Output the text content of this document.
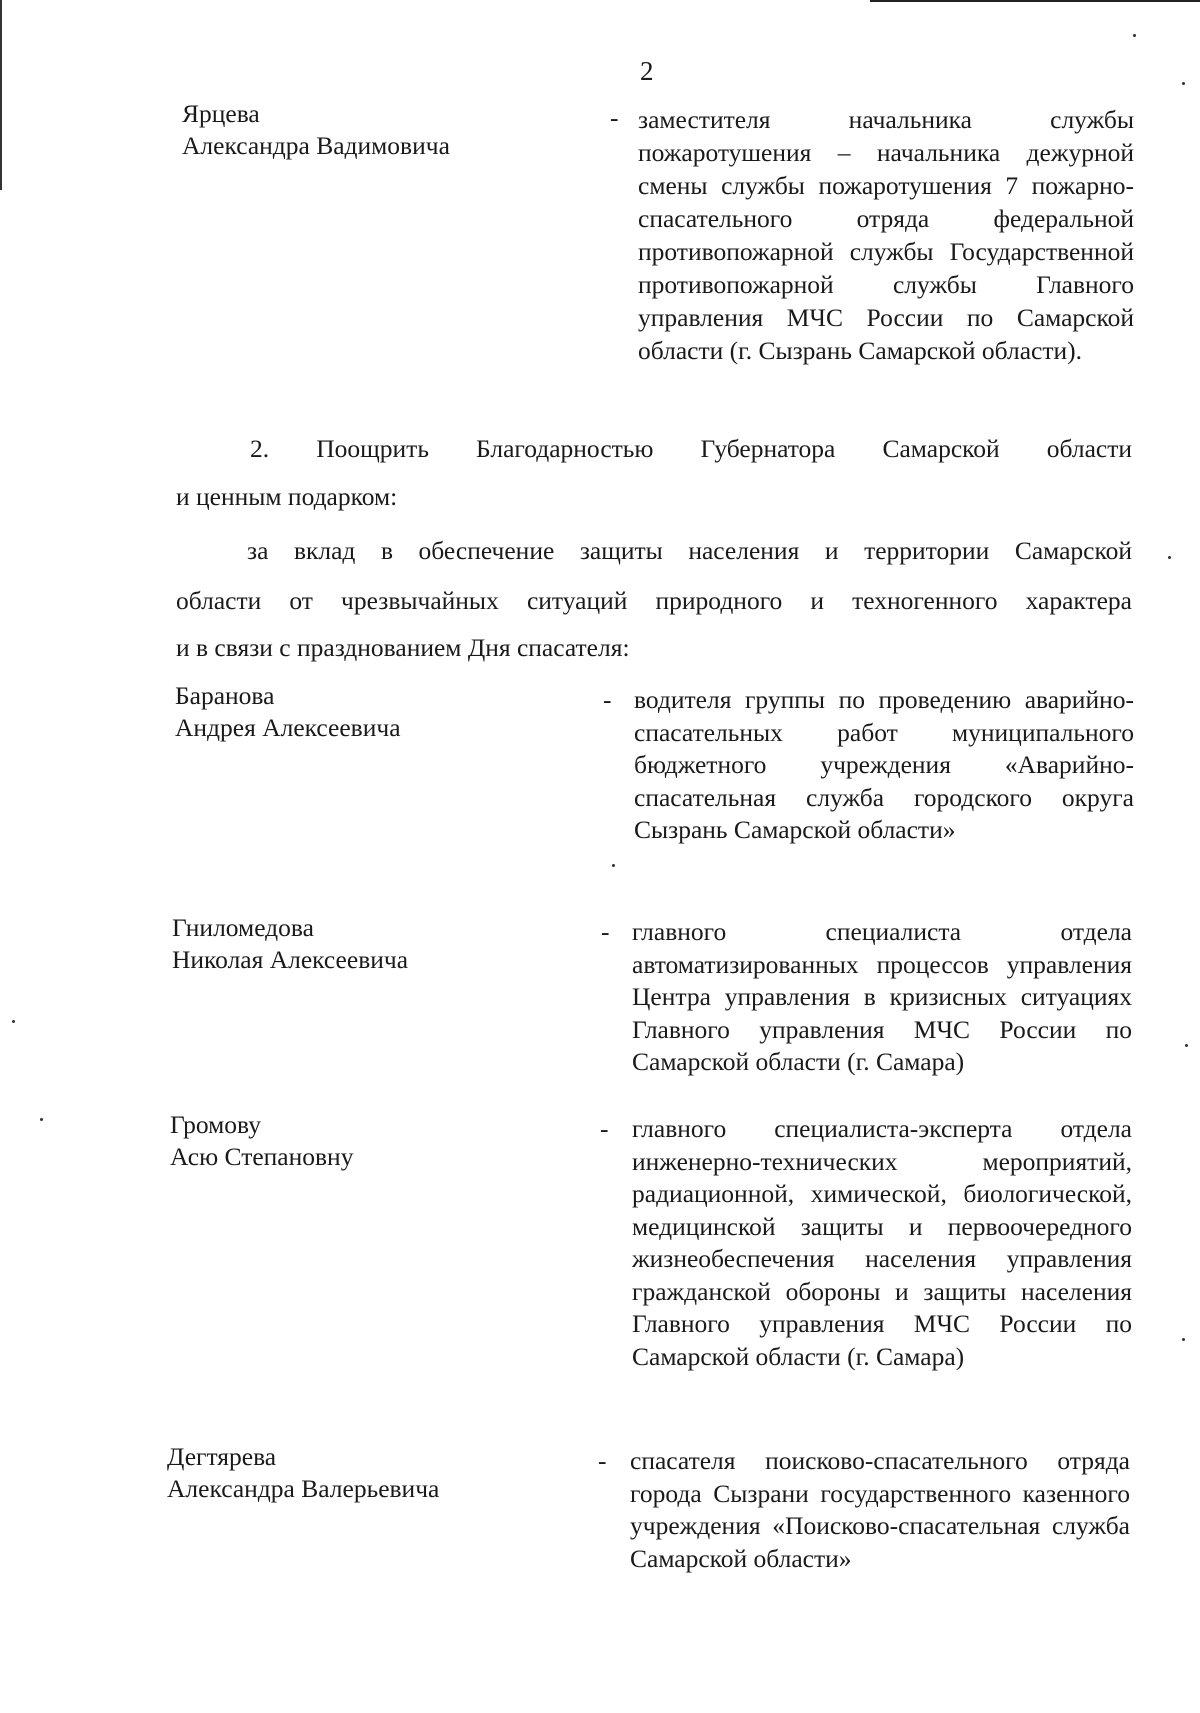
2
Ярцева
Александра Вадимовича
- заместителя начальника службы пожаротушения – начальника дежурной смены службы пожаротушения 7 пожарно-спасательного отряда федеральной противопожарной службы Государственной противопожарной службы Главного управления МЧС России по Самарской области (г. Сызрань Самарской области).
2. Поощрить Благодарностью Губернатора Самарской области
и ценным подарком:
за вклад в обеспечение защиты населения и территории Самарской
области от чрезвычайных ситуаций природного и техногенного характера
и в связи с празднованием Дня спасателя:
Баранова
Андрея Алексеевича
- водителя группы по проведению аварийно-спасательных работ муниципального бюджетного учреждения «Аварийно-спасательная служба городского округа Сызрань Самарской области»
Гниломедова
Николая Алексеевича
- главного специалиста отдела автоматизированных процессов управления Центра управления в кризисных ситуациях Главного управления МЧС России по Самарской области (г. Самара)
Громову
Асю Степановну
- главного специалиста-эксперта отдела инженерно-технических мероприятий, радиационной, химической, биологической, медицинской защиты и первоочередного жизнеобеспечения населения управления гражданской обороны и защиты населения Главного управления МЧС России по Самарской области (г. Самара)
Дегтярева
Александра Валерьевича
- спасателя поисково-спасательного отряда города Сызрани государственного казенного учреждения «Поисково-спасательная служба Самарской области»
